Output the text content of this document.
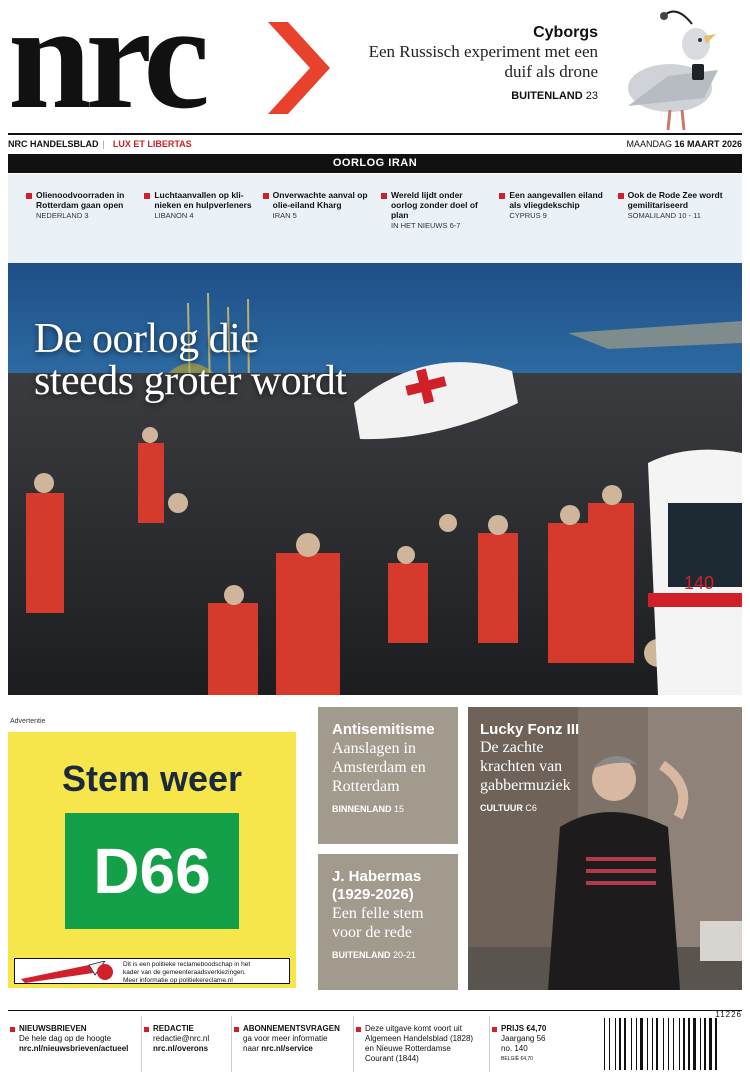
nrc	Cyborgs
Een Russisch experiment met een duif als drone
BUITENLAND 23
NRC HANDELSBLAD | LUX ET LIBERTAS	MAANDAG 16 MAART 2026
OORLOG IRAN
Olienoodvoorraden in Rotterdam gaan open
NEDERLAND 3
Luchtaanvallen op kli-nieken en hulpverleners
LIBANON 4
Onverwachte aanval op olie-eiland Kharg
IRAN 5
Wereld lijdt onder oorlog zonder doel of plan
IN HET NIEUWS 6-7
Een aangevallen eiland als vliegdekschip
CYPRUS 9
Ook de Rode Zee wordt gemilitariseerd
SOMALILAND 10 - 11
140
De oorlog die
steeds groter wordt
Advertentie
Stem weer
D66
Dit is een politieke reclameboodschap in het
kader van de gemeenteraadsverkiezingen.
Meer informatie op politiekereclame.nl
Antisemitisme
Aanslagen in Amsterdam en Rotterdam
BINNENLAND 15
J. Habermas (1929-2026)
Een felle stem voor de rede
BUITENLAND 20-21
Lucky Fonz III
De zachte krachten van gabbermuziek
CULTUUR C6
NIEUWSBRIEVEN
De hele dag op de hoogte
nrc.nl/nieuwsbrieven/actueel
REDACTIE
redactie@nrc.nl
nrc.nl/overons
ABONNEMENTSVRAGEN
ga voor meer informatie
naar nrc.nl/service
Deze uitgave komt voort uit
Algemeen Handelsblad (1828)
en Nieuwe Rotterdamse
Courant (1844)
PRIJS €4,70
Jaargang 56
no. 140
BELGIË €4,70
11226
